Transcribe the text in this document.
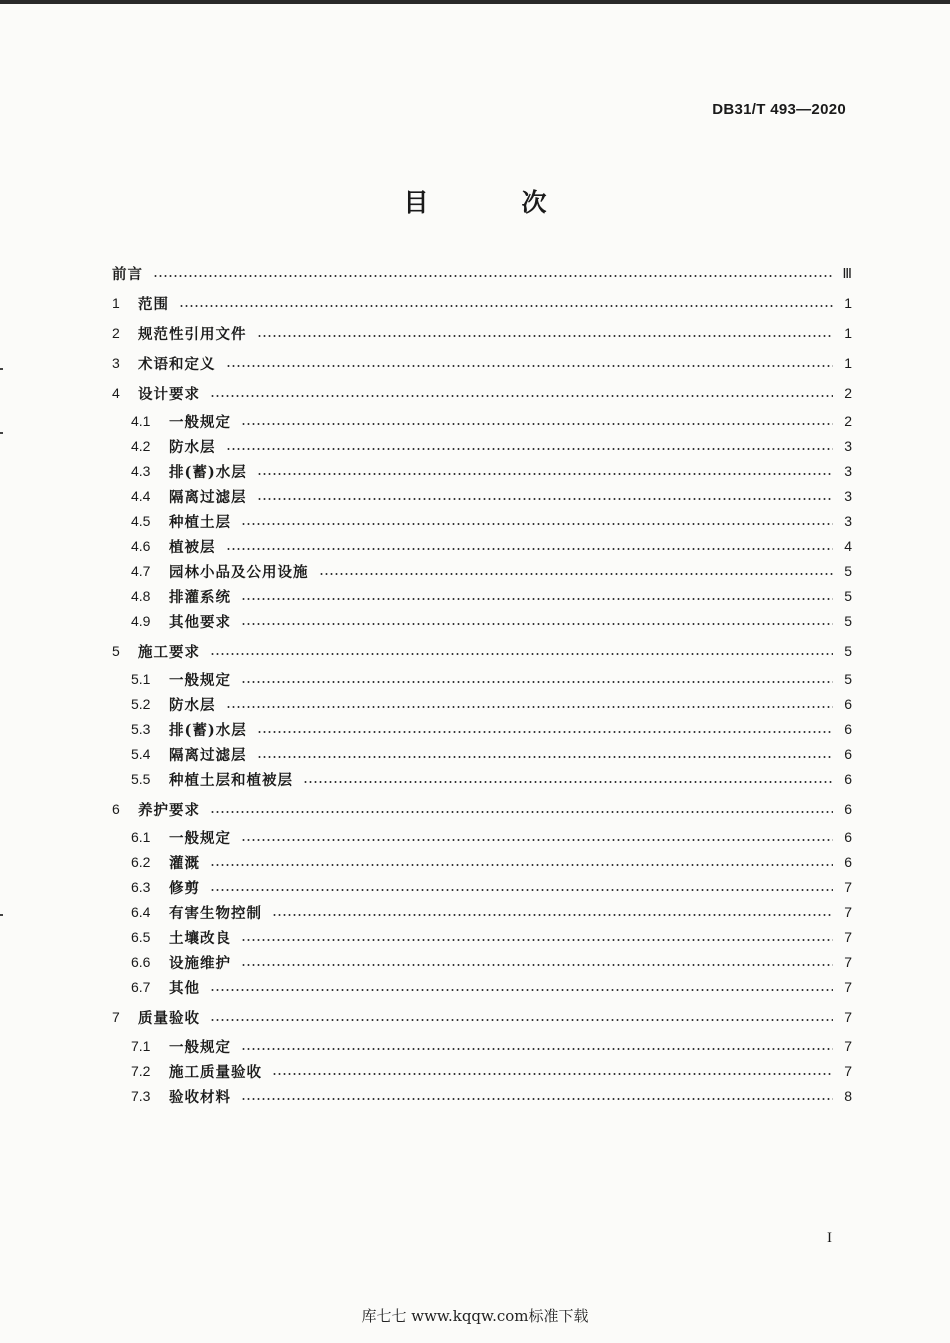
DB31/T 493—2020
目　次
前言	Ⅲ
1	范围	1
2	规范性引用文件	1
3	术语和定义	1
4	设计要求	2
4.1	一般规定	2
4.2	防水层	3
4.3	排(蓄)水层	3
4.4	隔离过滤层	3
4.5	种植土层	3
4.6	植被层	4
4.7	园林小品及公用设施	5
4.8	排灌系统	5
4.9	其他要求	5
5	施工要求	5
5.1	一般规定	5
5.2	防水层	6
5.3	排(蓄)水层	6
5.4	隔离过滤层	6
5.5	种植土层和植被层	6
6	养护要求	6
6.1	一般规定	6
6.2	灌溉	6
6.3	修剪	7
6.4	有害生物控制	7
6.5	土壤改良	7
6.6	设施维护	7
6.7	其他	7
7	质量验收	7
7.1	一般规定	7
7.2	施工质量验收	7
7.3	验收材料	8
I
库七七 www.kqqw.com标准下载
